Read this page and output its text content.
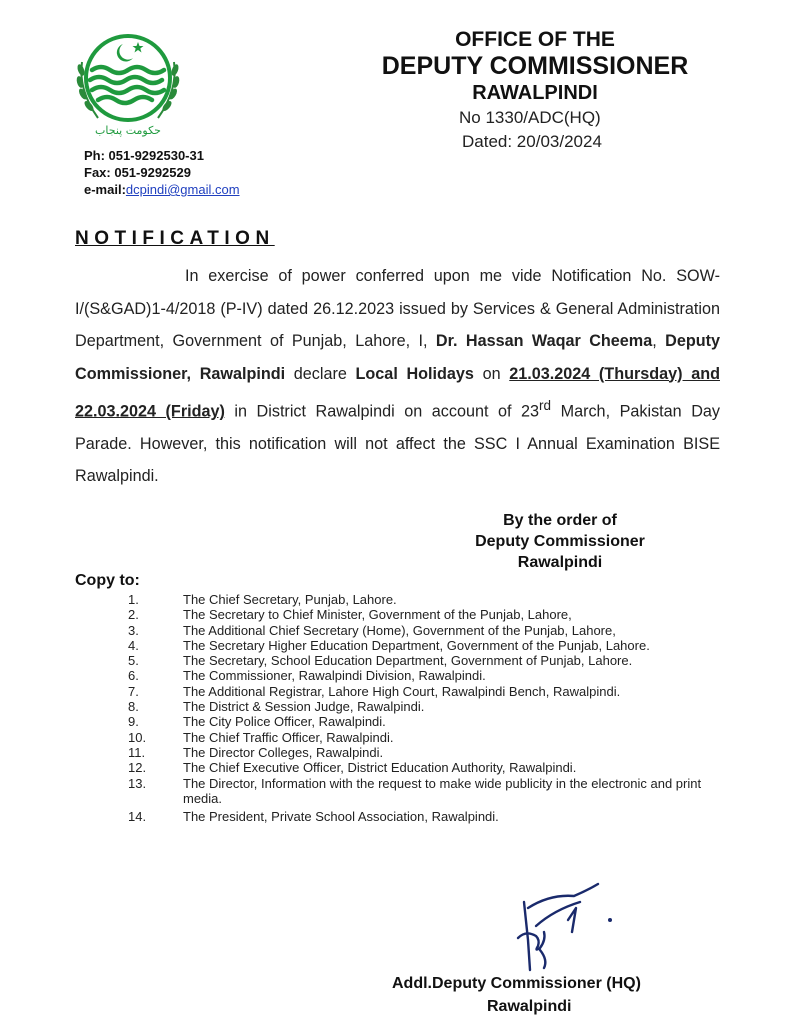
حکومت پنجاب
OFFICE OF THE
DEPUTY COMMISSIONER
RAWALPINDI
No 1330/ADC(HQ)
Dated: 20/03/2024
Ph: 051-9292530-31
Fax: 051-9292529
e-mail:dcpindi@gmail.com
NOTIFICATION
In exercise of power conferred upon me vide Notification No. SOW-I/(S&GAD)1-4/2018 (P-IV) dated 26.12.2023 issued by Services & General Administration Department, Government of Punjab, Lahore, I, Dr. Hassan Waqar Cheema, Deputy Commissioner, Rawalpindi declare Local Holidays on 21.03.2024 (Thursday) and 22.03.2024 (Friday) in District Rawalpindi on account of 23rd March, Pakistan Day Parade. However, this notification will not affect the SSC I Annual Examination BISE Rawalpindi.
By the order of
Deputy Commissioner
Rawalpindi
Copy to:
1.	The Chief Secretary, Punjab, Lahore.
2.	The Secretary to Chief Minister, Government of the Punjab, Lahore,
3.	The Additional Chief Secretary (Home), Government of the Punjab, Lahore,
4.	The Secretary Higher Education Department, Government of the Punjab, Lahore.
5.	The Secretary, School Education Department, Government of Punjab, Lahore.
6.	The Commissioner, Rawalpindi Division, Rawalpindi.
7.	The Additional Registrar, Lahore High Court, Rawalpindi Bench, Rawalpindi.
8.	The District & Session Judge, Rawalpindi.
9.	The City Police Officer, Rawalpindi.
10.	The Chief Traffic Officer, Rawalpindi.
11.	The Director Colleges, Rawalpindi.
12.	The Chief Executive Officer, District Education Authority, Rawalpindi.
13.	The Director, Information with the request to make wide publicity in the electronic and print media.
14.	The President, Private School Association, Rawalpindi.
Addl.Deputy Commissioner (HQ)
Rawalpindi
